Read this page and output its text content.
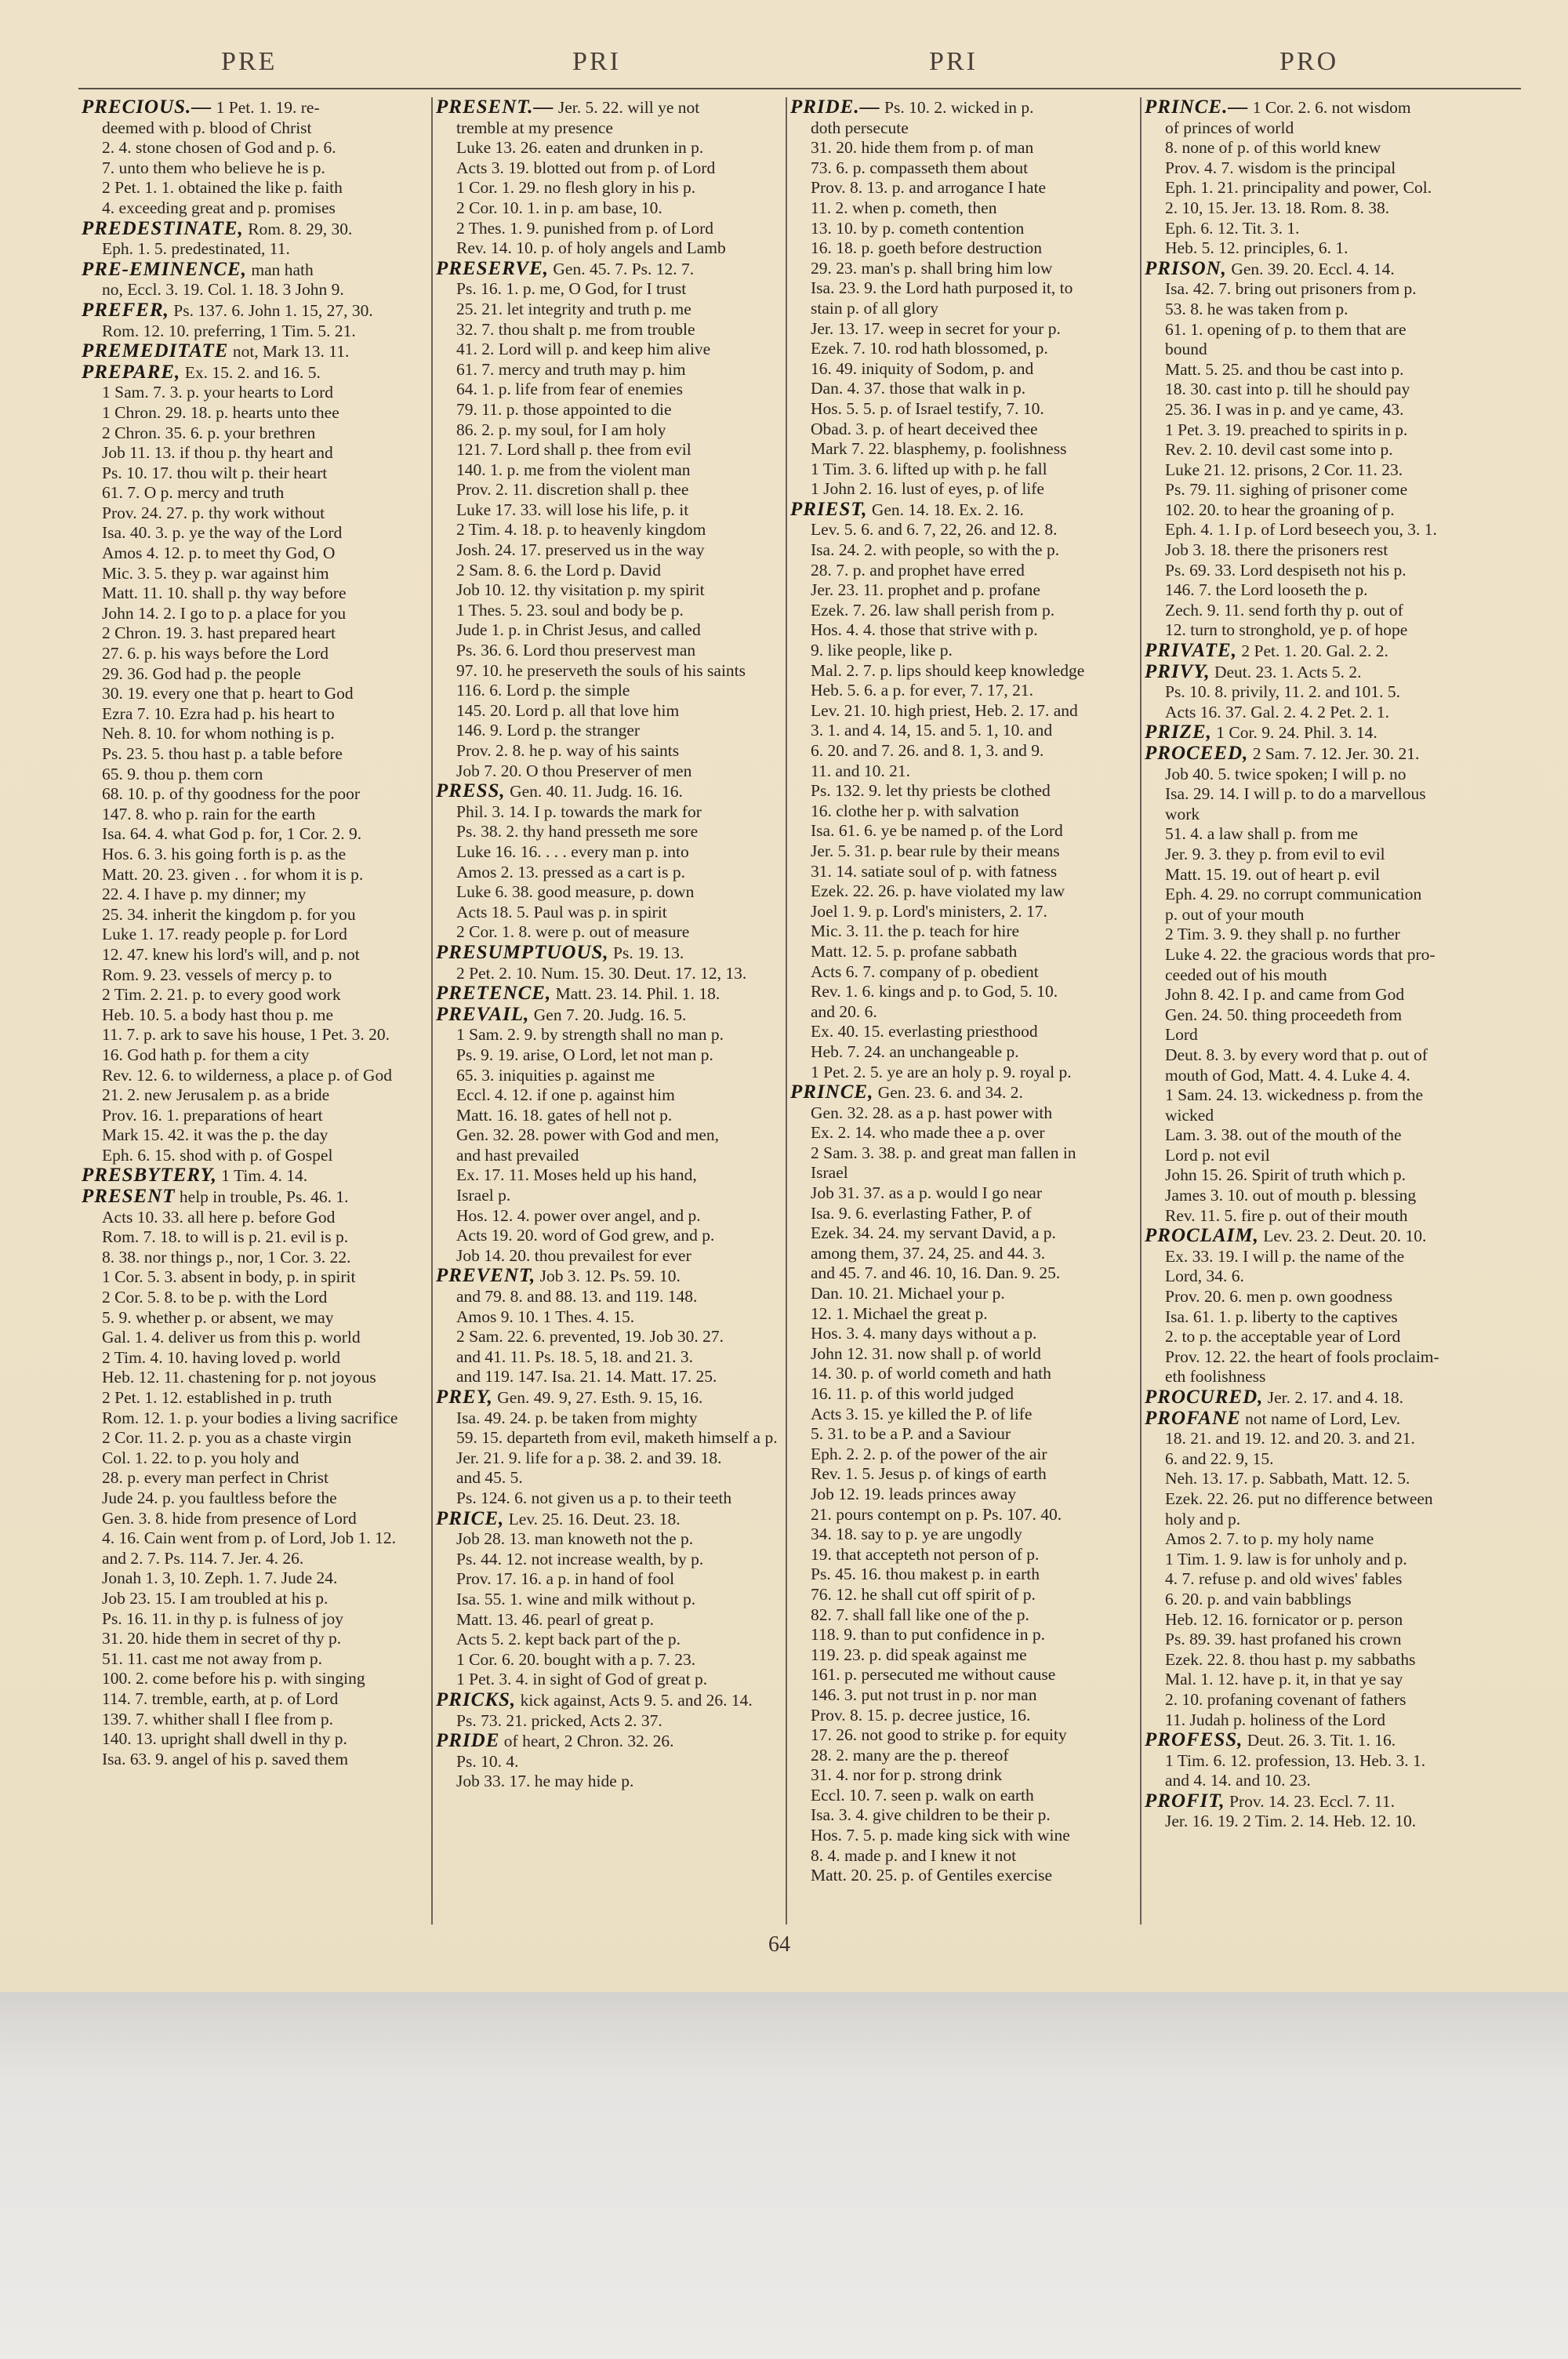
PRE	PRI	PRI	PRO
PRECIOUS.— 1 Pet. 1. 19. re-
deemed with p. blood of Christ
2. 4. stone chosen of God and p. 6.
7. unto them who believe he is p.
2 Pet. 1. 1. obtained the like p. faith
4. exceeding great and p. promises
PREDESTINATE, Rom. 8. 29, 30.
Eph. 1. 5. predestinated, 11.
PRE-EMINENCE, man hath
no, Eccl. 3. 19. Col. 1. 18. 3 John 9.
PREFER, Ps. 137. 6. John 1. 15, 27, 30.
Rom. 12. 10. preferring, 1 Tim. 5. 21.
PREMEDITATE not, Mark 13. 11.
PREPARE, Ex. 15. 2. and 16. 5.
1 Sam. 7. 3. p. your hearts to Lord
1 Chron. 29. 18. p. hearts unto thee
2 Chron. 35. 6. p. your brethren
Job 11. 13. if thou p. thy heart and
Ps. 10. 17. thou wilt p. their heart
61. 7. O p. mercy and truth
Prov. 24. 27. p. thy work without
Isa. 40. 3. p. ye the way of the Lord
Amos 4. 12. p. to meet thy God, O
Mic. 3. 5. they p. war against him
Matt. 11. 10. shall p. thy way before
John 14. 2. I go to p. a place for you
2 Chron. 19. 3. hast prepared heart
27. 6. p. his ways before the Lord
29. 36. God had p. the people
30. 19. every one that p. heart to God
Ezra 7. 10. Ezra had p. his heart to
Neh. 8. 10. for whom nothing is p.
Ps. 23. 5. thou hast p. a table before
65. 9. thou p. them corn
68. 10. p. of thy goodness for the poor
147. 8. who p. rain for the earth
Isa. 64. 4. what God p. for, 1 Cor. 2. 9.
Hos. 6. 3. his going forth is p. as the
Matt. 20. 23. given . . for whom it is p.
22. 4. I have p. my dinner; my
25. 34. inherit the kingdom p. for you
Luke 1. 17. ready people p. for Lord
12. 47. knew his lord's will, and p. not
Rom. 9. 23. vessels of mercy p. to
2 Tim. 2. 21. p. to every good work
Heb. 10. 5. a body hast thou p. me
11. 7. p. ark to save his house, 1 Pet. 3. 20.
16. God hath p. for them a city
Rev. 12. 6. to wilderness, a place p. of God
21. 2. new Jerusalem p. as a bride
Prov. 16. 1. preparations of heart
Mark 15. 42. it was the p. the day
Eph. 6. 15. shod with p. of Gospel
PRESBYTERY, 1 Tim. 4. 14.
PRESENT help in trouble, Ps. 46. 1.
Acts 10. 33. all here p. before God
Rom. 7. 18. to will is p. 21. evil is p.
8. 38. nor things p., nor, 1 Cor. 3. 22.
1 Cor. 5. 3. absent in body, p. in spirit
2 Cor. 5. 8. to be p. with the Lord
5. 9. whether p. or absent, we may
Gal. 1. 4. deliver us from this p. world
2 Tim. 4. 10. having loved p. world
Heb. 12. 11. chastening for p. not joyous
2 Pet. 1. 12. established in p. truth
Rom. 12. 1. p. your bodies a living sacrifice
2 Cor. 11. 2. p. you as a chaste virgin
Col. 1. 22. to p. you holy and
28. p. every man perfect in Christ
Jude 24. p. you faultless before the
Gen. 3. 8. hide from presence of Lord
4. 16. Cain went from p. of Lord, Job 1. 12.
and 2. 7. Ps. 114. 7. Jer. 4. 26.
Jonah 1. 3, 10. Zeph. 1. 7. Jude 24.
Job 23. 15. I am troubled at his p.
Ps. 16. 11. in thy p. is fulness of joy
31. 20. hide them in secret of thy p.
51. 11. cast me not away from p.
100. 2. come before his p. with singing
114. 7. tremble, earth, at p. of Lord
139. 7. whither shall I flee from p.
140. 13. upright shall dwell in thy p.
Isa. 63. 9. angel of his p. saved them
PRESENT.— Jer. 5. 22. will ye not
tremble at my presence
Luke 13. 26. eaten and drunken in p.
Acts 3. 19. blotted out from p. of Lord
1 Cor. 1. 29. no flesh glory in his p.
2 Cor. 10. 1. in p. am base, 10.
2 Thes. 1. 9. punished from p. of Lord
Rev. 14. 10. p. of holy angels and Lamb
PRESERVE, Gen. 45. 7. Ps. 12. 7.
Ps. 16. 1. p. me, O God, for I trust
25. 21. let integrity and truth p. me
32. 7. thou shalt p. me from trouble
41. 2. Lord will p. and keep him alive
61. 7. mercy and truth may p. him
64. 1. p. life from fear of enemies
79. 11. p. those appointed to die
86. 2. p. my soul, for I am holy
121. 7. Lord shall p. thee from evil
140. 1. p. me from the violent man
Prov. 2. 11. discretion shall p. thee
Luke 17. 33. will lose his life, p. it
2 Tim. 4. 18. p. to heavenly kingdom
Josh. 24. 17. preserved us in the way
2 Sam. 8. 6. the Lord p. David
Job 10. 12. thy visitation p. my spirit
1 Thes. 5. 23. soul and body be p.
Jude 1. p. in Christ Jesus, and called
Ps. 36. 6. Lord thou preservest man
97. 10. he preserveth the souls of his saints
116. 6. Lord p. the simple
145. 20. Lord p. all that love him
146. 9. Lord p. the stranger
Prov. 2. 8. he p. way of his saints
Job 7. 20. O thou Preserver of men
PRESS, Gen. 40. 11. Judg. 16. 16.
Phil. 3. 14. I p. towards the mark for
Ps. 38. 2. thy hand presseth me sore
Luke 16. 16. . . . every man p. into
Amos 2. 13. pressed as a cart is p.
Luke 6. 38. good measure, p. down
Acts 18. 5. Paul was p. in spirit
2 Cor. 1. 8. were p. out of measure
PRESUMPTUOUS, Ps. 19. 13.
2 Pet. 2. 10. Num. 15. 30. Deut. 17. 12, 13.
PRETENCE, Matt. 23. 14. Phil. 1. 18.
PREVAIL, Gen 7. 20. Judg. 16. 5.
1 Sam. 2. 9. by strength shall no man p.
Ps. 9. 19. arise, O Lord, let not man p.
65. 3. iniquities p. against me
Eccl. 4. 12. if one p. against him
Matt. 16. 18. gates of hell not p.
Gen. 32. 28. power with God and men,
and hast prevailed
Ex. 17. 11. Moses held up his hand,
Israel p.
Hos. 12. 4. power over angel, and p.
Acts 19. 20. word of God grew, and p.
Job 14. 20. thou prevailest for ever
PREVENT, Job 3. 12. Ps. 59. 10.
and 79. 8. and 88. 13. and 119. 148.
Amos 9. 10. 1 Thes. 4. 15.
2 Sam. 22. 6. prevented, 19. Job 30. 27.
and 41. 11. Ps. 18. 5, 18. and 21. 3.
and 119. 147. Isa. 21. 14. Matt. 17. 25.
PREY, Gen. 49. 9, 27. Esth. 9. 15, 16.
Isa. 49. 24. p. be taken from mighty
59. 15. departeth from evil, maketh himself a p.
Jer. 21. 9. life for a p. 38. 2. and 39. 18.
and 45. 5.
Ps. 124. 6. not given us a p. to their teeth
PRICE, Lev. 25. 16. Deut. 23. 18.
Job 28. 13. man knoweth not the p.
Ps. 44. 12. not increase wealth, by p.
Prov. 17. 16. a p. in hand of fool
Isa. 55. 1. wine and milk without p.
Matt. 13. 46. pearl of great p.
Acts 5. 2. kept back part of the p.
1 Cor. 6. 20. bought with a p. 7. 23.
1 Pet. 3. 4. in sight of God of great p.
PRICKS, kick against, Acts 9. 5. and 26. 14.
Ps. 73. 21. pricked, Acts 2. 37.
PRIDE of heart, 2 Chron. 32. 26.
Ps. 10. 4.
Job 33. 17. he may hide p.
PRIDE.— Ps. 10. 2. wicked in p.
doth persecute
31. 20. hide them from p. of man
73. 6. p. compasseth them about
Prov. 8. 13. p. and arrogance I hate
11. 2. when p. cometh, then
13. 10. by p. cometh contention
16. 18. p. goeth before destruction
29. 23. man's p. shall bring him low
Isa. 23. 9. the Lord hath purposed it, to
stain p. of all glory
Jer. 13. 17. weep in secret for your p.
Ezek. 7. 10. rod hath blossomed, p.
16. 49. iniquity of Sodom, p. and
Dan. 4. 37. those that walk in p.
Hos. 5. 5. p. of Israel testify, 7. 10.
Obad. 3. p. of heart deceived thee
Mark 7. 22. blasphemy, p. foolishness
1 Tim. 3. 6. lifted up with p. he fall
1 John 2. 16. lust of eyes, p. of life
PRIEST, Gen. 14. 18. Ex. 2. 16.
Lev. 5. 6. and 6. 7, 22, 26. and 12. 8.
Isa. 24. 2. with people, so with the p.
28. 7. p. and prophet have erred
Jer. 23. 11. prophet and p. profane
Ezek. 7. 26. law shall perish from p.
Hos. 4. 4. those that strive with p.
9. like people, like p.
Mal. 2. 7. p. lips should keep knowledge
Heb. 5. 6. a p. for ever, 7. 17, 21.
Lev. 21. 10. high priest, Heb. 2. 17. and
3. 1. and 4. 14, 15. and 5. 1, 10. and
6. 20. and 7. 26. and 8. 1, 3. and 9.
11. and 10. 21.
Ps. 132. 9. let thy priests be clothed
16. clothe her p. with salvation
Isa. 61. 6. ye be named p. of the Lord
Jer. 5. 31. p. bear rule by their means
31. 14. satiate soul of p. with fatness
Ezek. 22. 26. p. have violated my law
Joel 1. 9. p. Lord's ministers, 2. 17.
Mic. 3. 11. the p. teach for hire
Matt. 12. 5. p. profane sabbath
Acts 6. 7. company of p. obedient
Rev. 1. 6. kings and p. to God, 5. 10.
and 20. 6.
Ex. 40. 15. everlasting priesthood
Heb. 7. 24. an unchangeable p.
1 Pet. 2. 5. ye are an holy p. 9. royal p.
PRINCE, Gen. 23. 6. and 34. 2.
Gen. 32. 28. as a p. hast power with
Ex. 2. 14. who made thee a p. over
2 Sam. 3. 38. p. and great man fallen in
Israel
Job 31. 37. as a p. would I go near
Isa. 9. 6. everlasting Father, P. of
Ezek. 34. 24. my servant David, a p.
among them, 37. 24, 25. and 44. 3.
and 45. 7. and 46. 10, 16. Dan. 9. 25.
Dan. 10. 21. Michael your p.
12. 1. Michael the great p.
Hos. 3. 4. many days without a p.
John 12. 31. now shall p. of world
14. 30. p. of world cometh and hath
16. 11. p. of this world judged
Acts 3. 15. ye killed the P. of life
5. 31. to be a P. and a Saviour
Eph. 2. 2. p. of the power of the air
Rev. 1. 5. Jesus p. of kings of earth
Job 12. 19. leads princes away
21. pours contempt on p. Ps. 107. 40.
34. 18. say to p. ye are ungodly
19. that accepteth not person of p.
Ps. 45. 16. thou makest p. in earth
76. 12. he shall cut off spirit of p.
82. 7. shall fall like one of the p.
118. 9. than to put confidence in p.
119. 23. p. did speak against me
161. p. persecuted me without cause
146. 3. put not trust in p. nor man
Prov. 8. 15. p. decree justice, 16.
17. 26. not good to strike p. for equity
28. 2. many are the p. thereof
31. 4. nor for p. strong drink
Eccl. 10. 7. seen p. walk on earth
Isa. 3. 4. give children to be their p.
Hos. 7. 5. p. made king sick with wine
8. 4. made p. and I knew it not
Matt. 20. 25. p. of Gentiles exercise
PRINCE.— 1 Cor. 2. 6. not wisdom
of princes of world
8. none of p. of this world knew
Prov. 4. 7. wisdom is the principal
Eph. 1. 21. principality and power, Col.
2. 10, 15. Jer. 13. 18. Rom. 8. 38.
Eph. 6. 12. Tit. 3. 1.
Heb. 5. 12. principles, 6. 1.
PRISON, Gen. 39. 20. Eccl. 4. 14.
Isa. 42. 7. bring out prisoners from p.
53. 8. he was taken from p.
61. 1. opening of p. to them that are
bound
Matt. 5. 25. and thou be cast into p.
18. 30. cast into p. till he should pay
25. 36. I was in p. and ye came, 43.
1 Pet. 3. 19. preached to spirits in p.
Rev. 2. 10. devil cast some into p.
Luke 21. 12. prisons, 2 Cor. 11. 23.
Ps. 79. 11. sighing of prisoner come
102. 20. to hear the groaning of p.
Eph. 4. 1. I p. of Lord beseech you, 3. 1.
Job 3. 18. there the prisoners rest
Ps. 69. 33. Lord despiseth not his p.
146. 7. the Lord looseth the p.
Zech. 9. 11. send forth thy p. out of
12. turn to stronghold, ye p. of hope
PRIVATE, 2 Pet. 1. 20. Gal. 2. 2.
PRIVY, Deut. 23. 1. Acts 5. 2.
Ps. 10. 8. privily, 11. 2. and 101. 5.
Acts 16. 37. Gal. 2. 4. 2 Pet. 2. 1.
PRIZE, 1 Cor. 9. 24. Phil. 3. 14.
PROCEED, 2 Sam. 7. 12. Jer. 30. 21.
Job 40. 5. twice spoken; I will p. no
Isa. 29. 14. I will p. to do a marvellous
work
51. 4. a law shall p. from me
Jer. 9. 3. they p. from evil to evil
Matt. 15. 19. out of heart p. evil
Eph. 4. 29. no corrupt communication
p. out of your mouth
2 Tim. 3. 9. they shall p. no further
Luke 4. 22. the gracious words that pro-
ceeded out of his mouth
John 8. 42. I p. and came from God
Gen. 24. 50. thing proceedeth from
Lord
Deut. 8. 3. by every word that p. out of
mouth of God, Matt. 4. 4. Luke 4. 4.
1 Sam. 24. 13. wickedness p. from the
wicked
Lam. 3. 38. out of the mouth of the
Lord p. not evil
John 15. 26. Spirit of truth which p.
James 3. 10. out of mouth p. blessing
Rev. 11. 5. fire p. out of their mouth
PROCLAIM, Lev. 23. 2. Deut. 20. 10.
Ex. 33. 19. I will p. the name of the
Lord, 34. 6.
Prov. 20. 6. men p. own goodness
Isa. 61. 1. p. liberty to the captives
2. to p. the acceptable year of Lord
Prov. 12. 22. the heart of fools proclaim-
eth foolishness
PROCURED, Jer. 2. 17. and 4. 18.
PROFANE not name of Lord, Lev.
18. 21. and 19. 12. and 20. 3. and 21.
6. and 22. 9, 15.
Neh. 13. 17. p. Sabbath, Matt. 12. 5.
Ezek. 22. 26. put no difference between
holy and p.
Amos 2. 7. to p. my holy name
1 Tim. 1. 9. law is for unholy and p.
4. 7. refuse p. and old wives' fables
6. 20. p. and vain babblings
Heb. 12. 16. fornicator or p. person
Ps. 89. 39. hast profaned his crown
Ezek. 22. 8. thou hast p. my sabbaths
Mal. 1. 12. have p. it, in that ye say
2. 10. profaning covenant of fathers
11. Judah p. holiness of the Lord
PROFESS, Deut. 26. 3. Tit. 1. 16.
1 Tim. 6. 12. profession, 13. Heb. 3. 1.
and 4. 14. and 10. 23.
PROFIT, Prov. 14. 23. Eccl. 7. 11.
Jer. 16. 19. 2 Tim. 2. 14. Heb. 12. 10.
64
